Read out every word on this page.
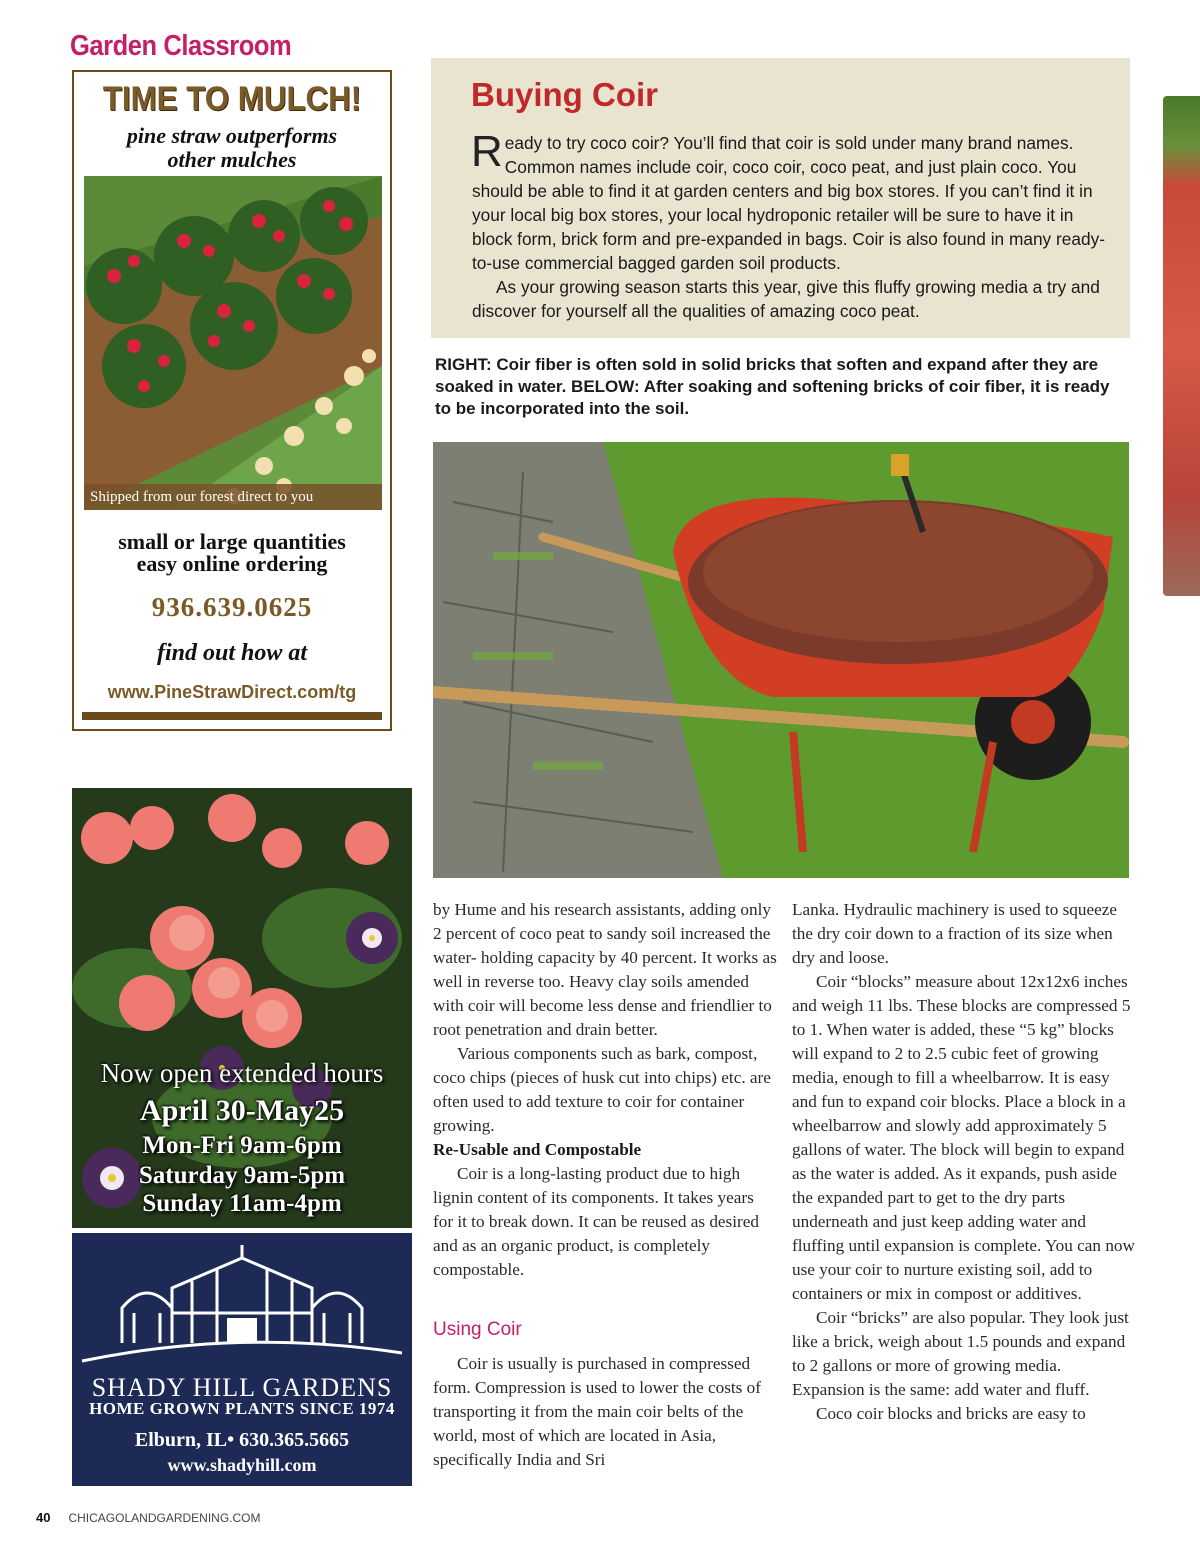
Garden Classroom
TIME TO MULCH!
pine straw outperforms
other mulches
Shipped from our forest direct to you
small or large quantities
easy online ordering
936.639.0625
find out how at
www.PineStrawDirect.com/tg
Now open extended hours
April 30-May25
Mon-Fri 9am-6pm
Saturday 9am-5pm
Sunday 11am-4pm
SHADY HILL GARDENS
HOME GROWN PLANTS SINCE 1974
Elburn, IL• 630.365.5665
www.shadyhill.com
Buying Coir

Ready to try coco coir? You’ll find that coir is sold under many brand names. Common names include coir, coco coir, coco peat, and just plain coco. You should be able to find it at garden centers and big box stores. If you can’t find it in your local big box stores, your local hydroponic retailer will be sure to have it in block form, brick form and pre-expanded in bags. Coir is also found in many ready-to-use commercial bagged garden soil products.

As your growing season starts this year, give this fluffy growing media a try and discover for yourself all the qualities of amazing coco peat.

RIGHT: Coir fiber is often sold in solid bricks that soften and expand after they are soaked in water. BELOW: After soaking and softening bricks of coir fiber, it is ready to be incorporated into the soil.

by Hume and his research assistants, adding only 2 percent of coco peat to sandy soil increased the water- holding capacity by 40 percent. It works as well in reverse too. Heavy clay soils amended with coir will become less dense and friendlier to root penetration and drain better.

Various components such as bark, compost, coco chips (pieces of husk cut into chips) etc. are often used to add texture to coir for container growing.

Re-Usable and Compostable

Coir is a long-lasting product due to high lignin content of its components. It takes years for it to break down. It can be reused as desired and as an organic product, is completely compostable.

Using Coir

Coir is usually is purchased in compressed form. Compression is used to lower the costs of transporting it from the main coir belts of the world, most of which are located in Asia, specifically India and Sri

Lanka. Hydraulic machinery is used to squeeze the dry coir down to a fraction of its size when dry and loose.

Coir “blocks” measure about 12x12x6 inches and weigh 11 lbs. These blocks are compressed 5 to 1. When water is added, these “5 kg” blocks will expand to 2 to 2.5 cubic feet of growing media, enough to fill a wheelbarrow. It is easy and fun to expand coir blocks. Place a block in a wheelbarrow and slowly add approximately 5 gallons of water. The block will begin to expand as the water is added. As it expands, push aside the expanded part to get to the dry parts underneath and just keep adding water and fluffing until expansion is complete. You can now use your coir to nurture existing soil, add to containers or mix in compost or additives.

Coir “bricks” are also popular. They look just like a brick, weigh about 1.5 pounds and expand to 2 gallons or more of growing media. Expansion is the same: add water and fluff.

Coco coir blocks and bricks are easy to

40 CHICAGOLANDGARDENING.COM
